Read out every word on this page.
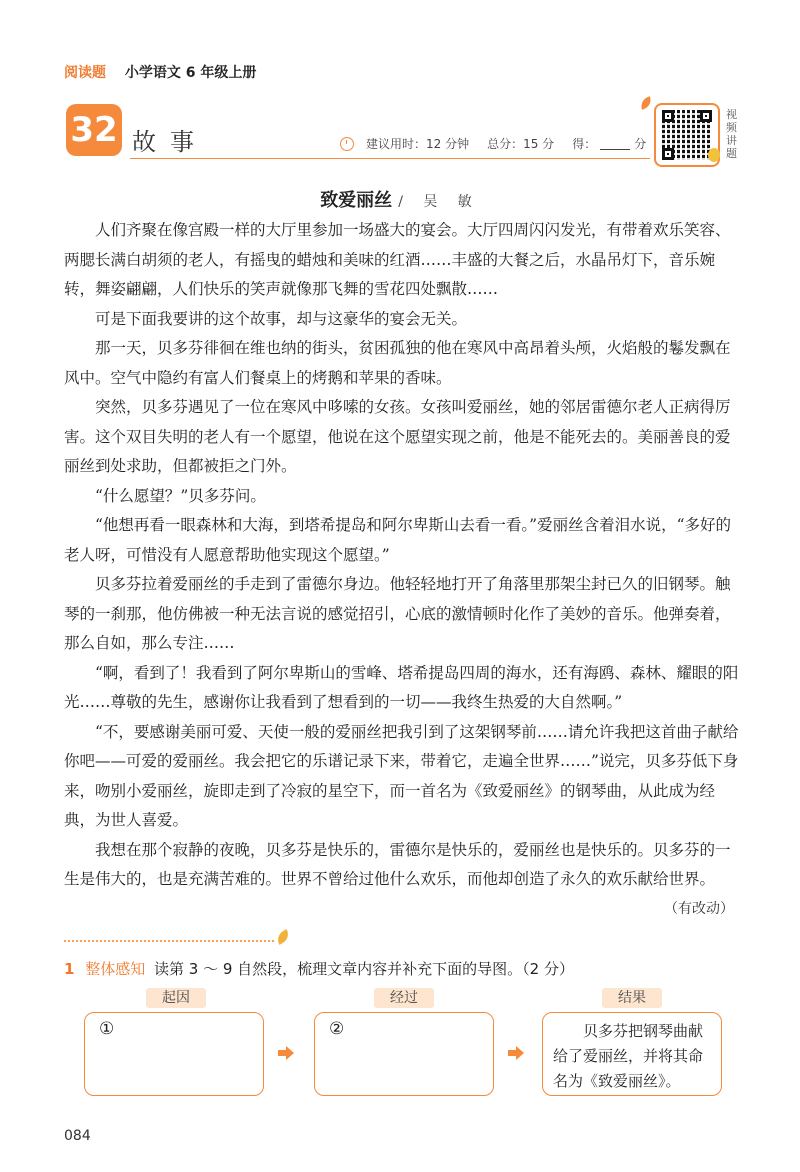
阅读题 小学语文 6 年级上册
32 故事	建议用时：12 分钟 总分：15 分 得：	分
视频讲题
致爱丽丝 / 吴 敏

人们齐聚在像宫殿一样的大厅里参加一场盛大的宴会。大厅四周闪闪发光，有带着欢乐笑容、两腮长满白胡须的老人，有摇曳的蜡烛和美味的红酒……丰盛的大餐之后，水晶吊灯下，音乐婉转，舞姿翩翩，人们快乐的笑声就像那飞舞的雪花四处飘散……

可是下面我要讲的这个故事，却与这豪华的宴会无关。

那一天，贝多芬徘徊在维也纳的街头，贫困孤独的他在寒风中高昂着头颅，火焰般的鬈发飘在风中。空气中隐约有富人们餐桌上的烤鹅和苹果的香味。

突然，贝多芬遇见了一位在寒风中哆嗦的女孩。女孩叫爱丽丝，她的邻居雷德尔老人正病得厉害。这个双目失明的老人有一个愿望，他说在这个愿望实现之前，他是不能死去的。美丽善良的爱丽丝到处求助，但都被拒之门外。

“什么愿望？”贝多芬问。

“他想再看一眼森林和大海，到塔希提岛和阿尔卑斯山去看一看。”爱丽丝含着泪水说，“多好的老人呀，可惜没有人愿意帮助他实现这个愿望。”

贝多芬拉着爱丽丝的手走到了雷德尔身边。他轻轻地打开了角落里那架尘封已久的旧钢琴。触琴的一刹那，他仿佛被一种无法言说的感觉招引，心底的激情顿时化作了美妙的音乐。他弹奏着，那么自如，那么专注……

“啊，看到了！我看到了阿尔卑斯山的雪峰、塔希提岛四周的海水，还有海鸥、森林、耀眼的阳光……尊敬的先生，感谢你让我看到了想看到的一切——我终生热爱的大自然啊。”

“不，要感谢美丽可爱、天使一般的爱丽丝把我引到了这架钢琴前……请允许我把这首曲子献给你吧——可爱的爱丽丝。我会把它的乐谱记录下来，带着它，走遍全世界……”说完，贝多芬低下身来，吻别小爱丽丝，旋即走到了冷寂的星空下，而一首名为《致爱丽丝》的钢琴曲，从此成为经典，为世人喜爱。

我想在那个寂静的夜晚，贝多芬是快乐的，雷德尔是快乐的，爱丽丝也是快乐的。贝多芬的一生是伟大的，也是充满苦难的。世界不曾给过他什么欢乐，而他却创造了永久的欢乐献给世界。

（有改动）
1 整体感知 读第 3 ～ 9 自然段，梳理文章内容并补充下面的导图。（2 分）
起因	经过	结果
①	②	贝多芬把钢琴曲献给了爱丽丝，并将其命名为《致爱丽丝》。
084
